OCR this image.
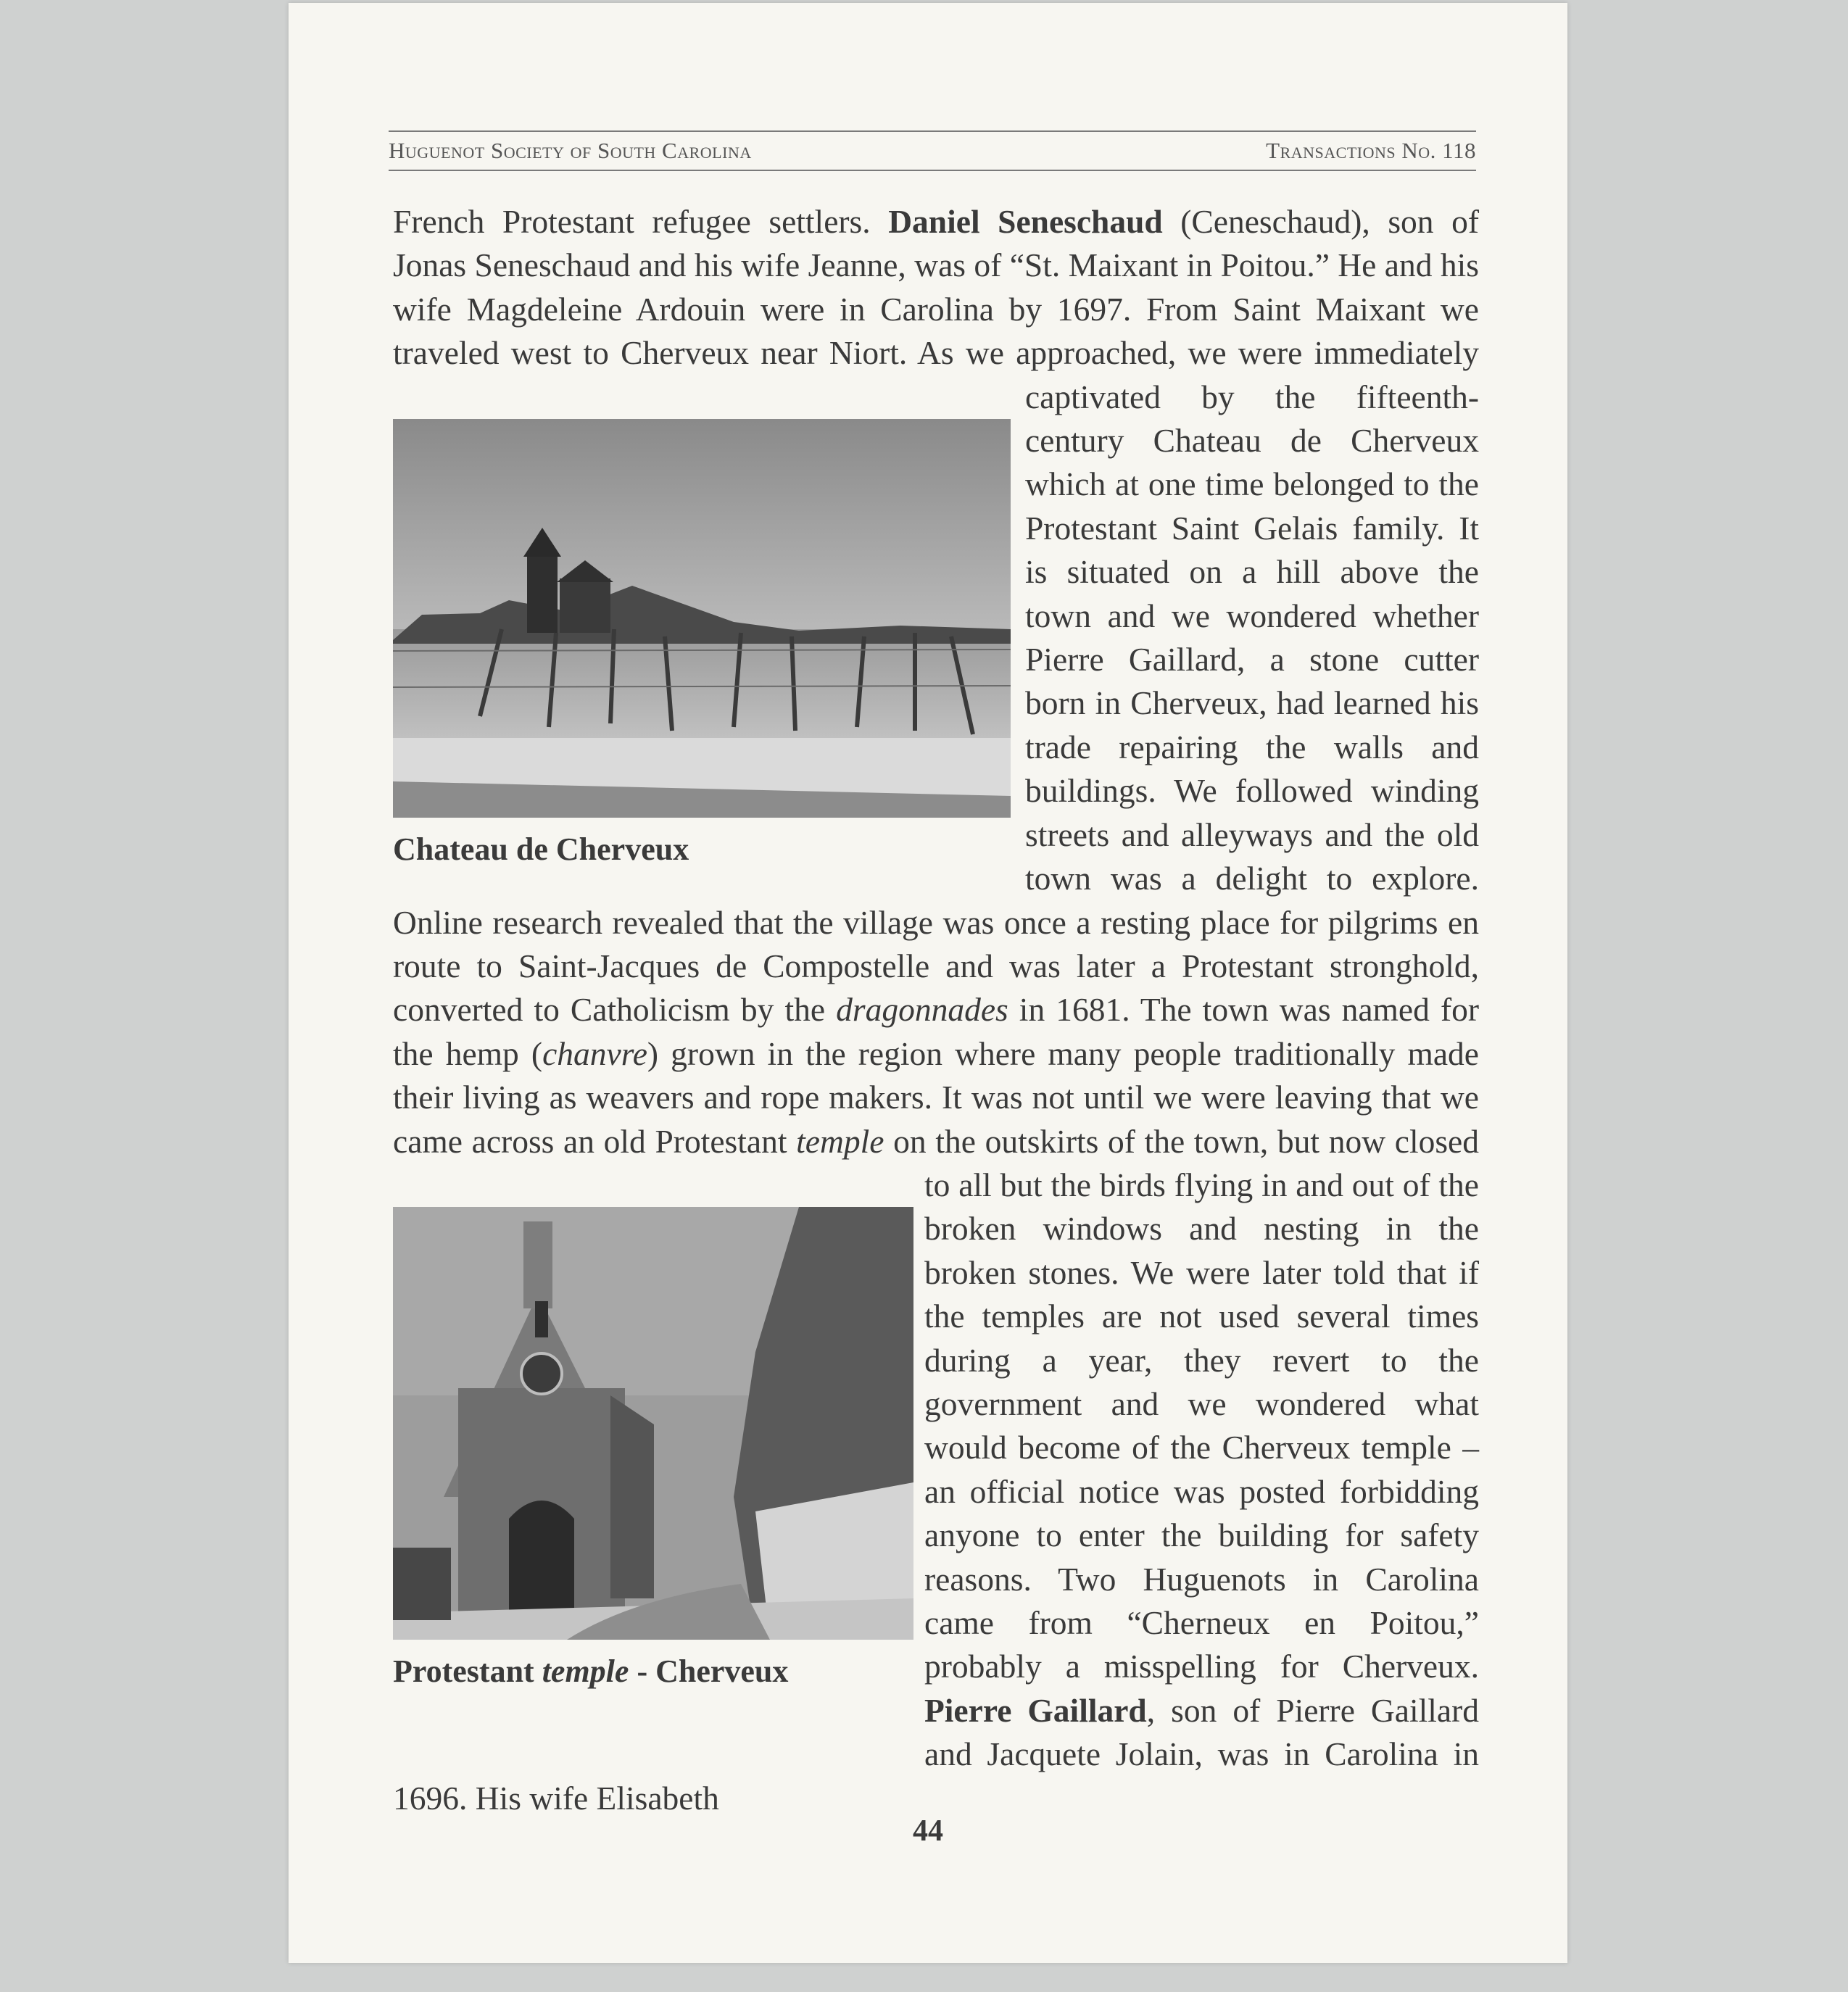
Huguenot Society of South Carolina	Transactions No. 118

French Protestant refugee settlers. Daniel Seneschaud (Ceneschaud), son of Jonas Seneschaud and his wife Jeanne, was of “St. Maixant in Poitou.” He and his wife Magdeleine Ardouin were in Carolina by 1697. From Saint Maixant we traveled west to Cherveux near Niort. As we approached, we were immediately
Chateau de Cherveux
captivated by the fifteenth-century Chateau de Cherveux which at one time belonged to the Protestant Saint Gelais family. It is situated on a hill above the town and we wondered whether Pierre Gaillard, a stone cutter born in Cherveux, had learned his trade repairing the walls and buildings. We followed winding streets and alleyways and the old town was a delight to explore. Online research revealed that the village was once a resting place for pilgrims en route to Saint-Jacques de Compostelle and was later a Protestant stronghold, converted to Catholicism by the dragonnades in 1681. The town was named for the hemp (chanvre) grown in the region where many people traditionally made their living as weavers and rope makers. It was not until we were leaving that we came across an old Protestant temple on the outskirts of the town, but now closed to all but the birds flying in
Protestant temple - Cherveux
and out of the broken windows and nesting in the broken stones. We were later told that if the temples are not used several times during a year, they revert to the government and we wondered what would become of the Cherveux temple – an official notice was posted forbidding anyone to enter the building for safety reasons. Two Huguenots in Carolina came from “Cherneux en Poitou,” probably a misspelling for Cherveux. Pierre Gaillard, son of Pierre Gaillard and Jacquete Jolain, was in Carolina in 1696. His wife Elisabeth

44
